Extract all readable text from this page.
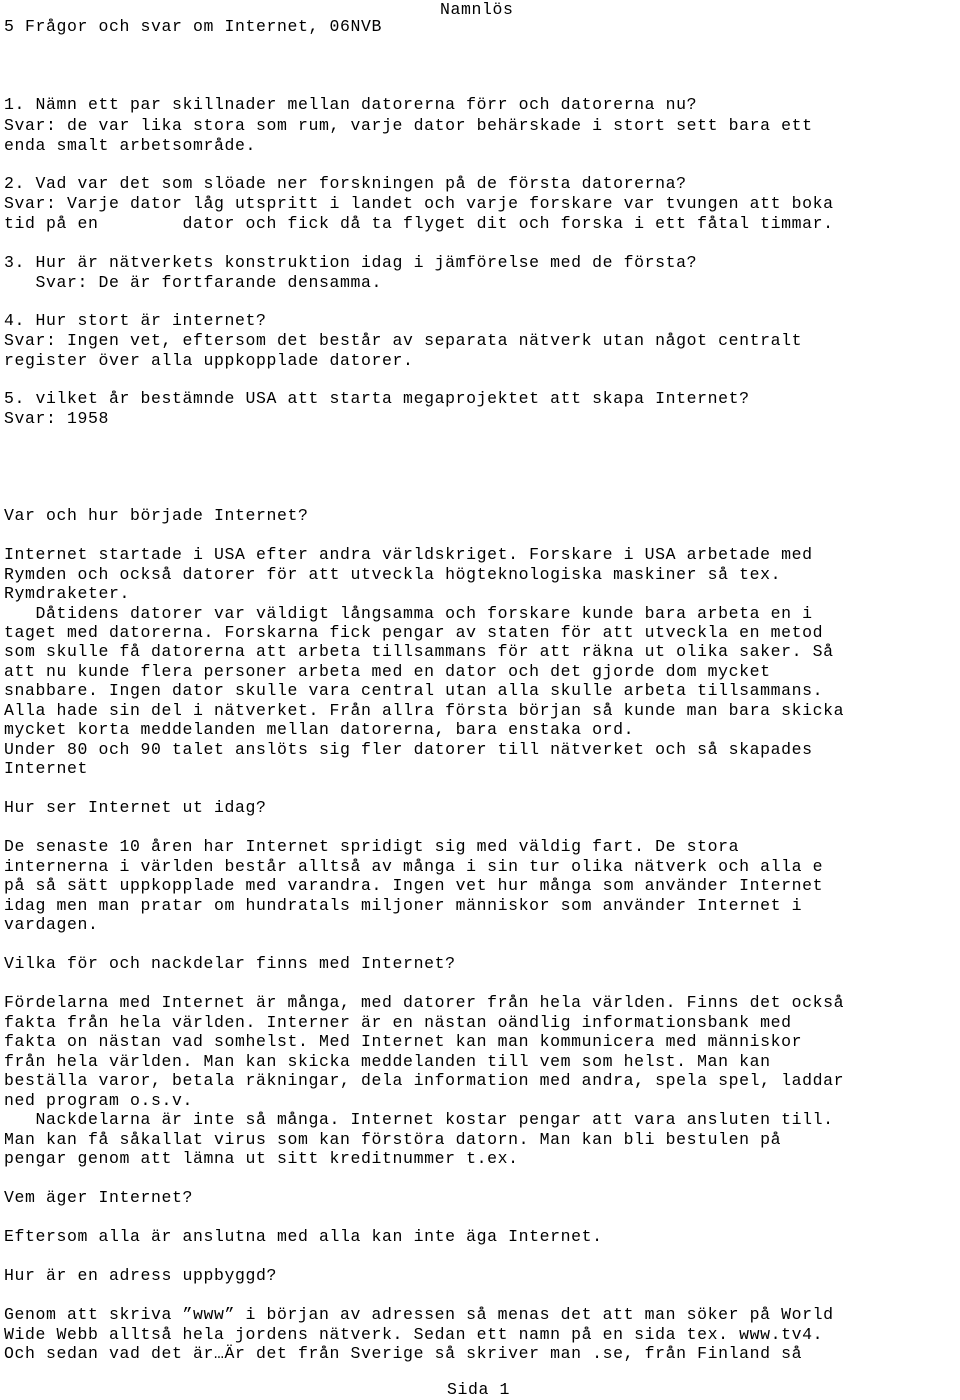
Namnlös
5 Frågor och svar om Internet, 06NVB
1. Nämn ett par skillnader mellan datorerna förr och datorerna nu?
Svar: de var lika stora som rum, varje dator behärskade i stort sett bara ett
enda smalt arbetsområde.
2. Vad var det som slöade ner forskningen på de första datorerna?
Svar: Varje dator låg utspritt i landet och varje forskare var tvungen att boka
tid på en        dator och fick då ta flyget dit och forska i ett fåtal timmar.
3. Hur är nätverkets konstruktion idag i jämförelse med de första?
Svar: De är fortfarande densamma.
4. Hur stort är internet?
Svar: Ingen vet, eftersom det består av separata nätverk utan något centralt
register över alla uppkopplade datorer.
5. vilket år bestämnde USA att starta megaprojektet att skapa Internet?
Svar: 1958
Var och hur började Internet?
Internet startade i USA efter andra världskriget. Forskare i USA arbetade med
Rymden och också datorer för att utveckla högteknologiska maskiner så tex.
Rymdraketer.
Dåtidens datorer var väldigt långsamma och forskare kunde bara arbeta en i
taget med datorerna. Forskarna fick pengar av staten för att utveckla en metod
som skulle få datorerna att arbeta tillsammans för att räkna ut olika saker. Så
att nu kunde flera personer arbeta med en dator och det gjorde dom mycket
snabbare. Ingen dator skulle vara central utan alla skulle arbeta tillsammans.
Alla hade sin del i nätverket. Från allra första början så kunde man bara skicka
mycket korta meddelanden mellan datorerna, bara enstaka ord.
Under 80 och 90 talet anslöts sig fler datorer till nätverket och så skapades
Internet
Hur ser Internet ut idag?
De senaste 10 åren har Internet spridigt sig med väldig fart. De stora
internerna i världen består alltså av många i sin tur olika nätverk och alla e
på så sätt uppkopplade med varandra. Ingen vet hur många som använder Internet
idag men man pratar om hundratals miljoner människor som använder Internet i
vardagen.
Vilka för och nackdelar finns med Internet?
Fördelarna med Internet är många, med datorer från hela världen. Finns det också
fakta från hela världen. Interner är en nästan oändlig informationsbank med
fakta on nästan vad somhelst. Med Internet kan man kommunicera med människor
från hela världen. Man kan skicka meddelanden till vem som helst. Man kan
beställa varor, betala räkningar, dela information med andra, spela spel, laddar
ned program o.s.v.
Nackdelarna är inte så många. Internet kostar pengar att vara ansluten till.
Man kan få såkallat virus som kan förstöra datorn. Man kan bli bestulen på
pengar genom att lämna ut sitt kreditnummer t.ex.
Vem äger Internet?
Eftersom alla är anslutna med alla kan inte äga Internet.
Hur är en adress uppbyggd?
Genom att skriva ”www” i början av adressen så menas det att man söker på World
Wide Webb alltså hela jordens nätverk. Sedan ett namn på en sida tex. www.tv4.
Och sedan vad det är…Är det från Sverige så skriver man .se, från Finland så
Sida 1
